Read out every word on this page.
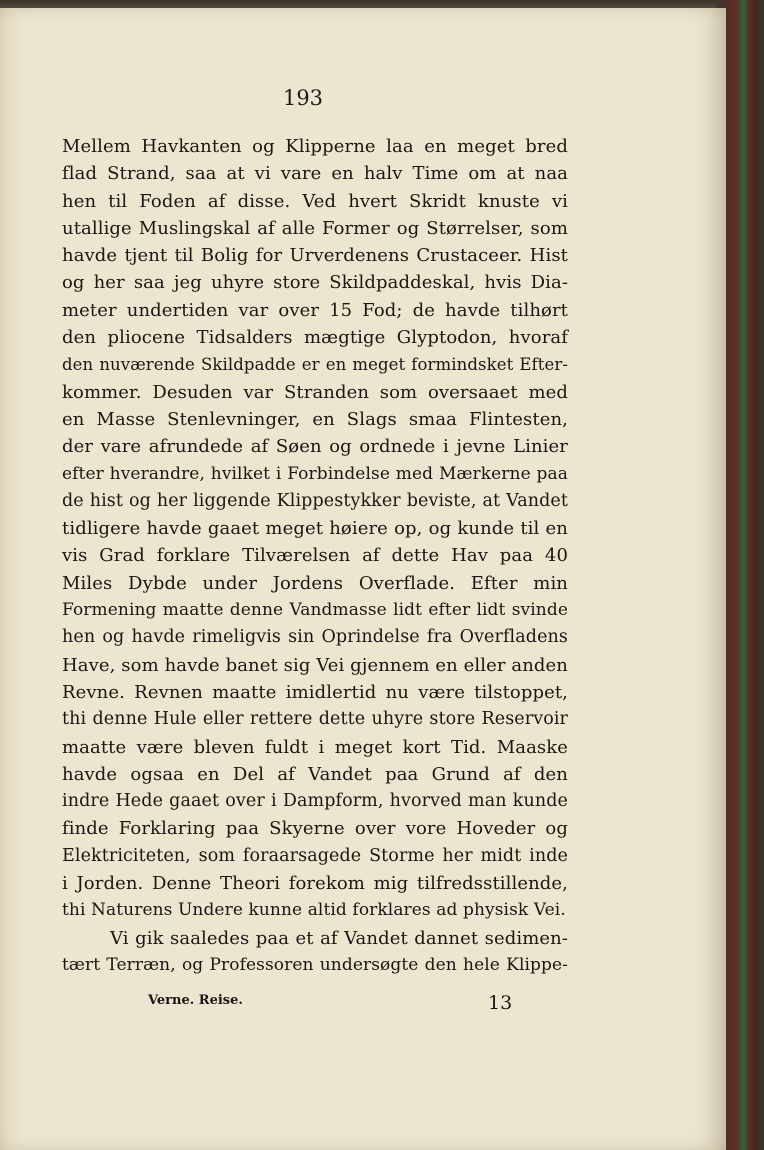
193
Mellem Havkanten og Klipperne laa en meget bred
flad Strand, saa at vi vare en halv Time om at naa
hen til Foden af disse. Ved hvert Skridt knuste vi
utallige Muslingskal af alle Former og Størrelser, som
havde tjent til Bolig for Urverdenens Crustaceer. Hist
og her saa jeg uhyre store Skildpaddeskal, hvis Dia-
meter undertiden var over 15 Fod; de havde tilhørt
den pliocene Tidsalders mægtige Glyptodon, hvoraf
den nuværende Skildpadde er en meget formindsket Efter-
kommer. Desuden var Stranden som oversaaet med
en Masse Stenlevninger, en Slags smaa Flintesten,
der vare afrundede af Søen og ordnede i jevne Linier
efter hverandre, hvilket i Forbindelse med Mærkerne paa
de hist og her liggende Klippestykker beviste, at Vandet
tidligere havde gaaet meget høiere op, og kunde til en
vis Grad forklare Tilværelsen af dette Hav paa 40
Miles Dybde under Jordens Overflade. Efter min
Formening maatte denne Vandmasse lidt efter lidt svinde
hen og havde rimeligvis sin Oprindelse fra Overfladens
Have, som havde banet sig Vei gjennem en eller anden
Revne. Revnen maatte imidlertid nu være tilstoppet,
thi denne Hule eller rettere dette uhyre store Reservoir
maatte være bleven fuldt i meget kort Tid. Maaske
havde ogsaa en Del af Vandet paa Grund af den
indre Hede gaaet over i Dampform, hvorved man kunde
finde Forklaring paa Skyerne over vore Hoveder og
Elektriciteten, som foraarsagede Storme her midt inde
i Jorden. Denne Theori forekom mig tilfredsstillende,
thi Naturens Undere kunne altid forklares ad physisk Vei.
Vi gik saaledes paa et af Vandet dannet sedimen-
tært Terræn, og Professoren undersøgte den hele Klippe-
Verne. Reise.	13
